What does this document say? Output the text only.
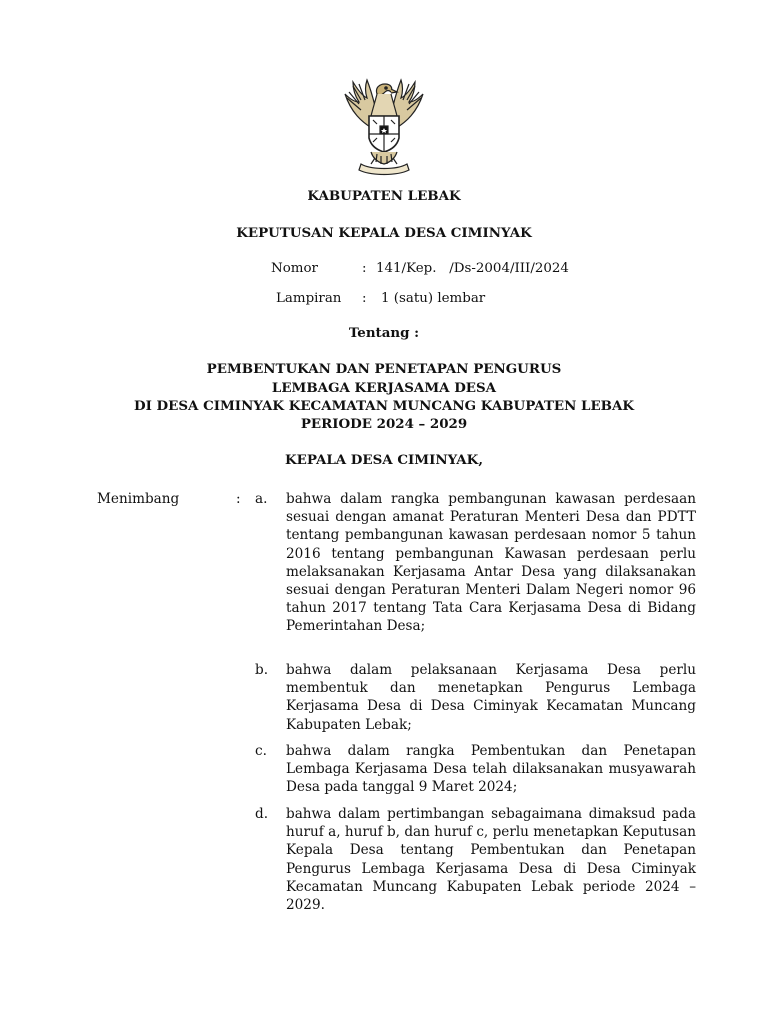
KABUPATEN LEBAK
KEPUTUSAN KEPALA DESA CIMINYAK
Nomor	: 141/Kep.   /Ds-2004/III/2024
Lampiran : 1 (satu) lembar
Tentang :
PEMBENTUKAN DAN PENETAPAN PENGURUS
LEMBAGA KERJASAMA DESA
DI DESA CIMINYAK KECAMATAN MUNCANG KABUPATEN LEBAK
PERIODE 2024 – 2029
KEPALA DESA CIMINYAK,
Menimbang	: a. bahwa dalam rangka pembangunan kawasan perdesaan sesuai dengan amanat Peraturan Menteri Desa dan PDTT tentang pembangunan kawasan perdesaan nomor 5 tahun 2016 tentang pembangunan Kawasan perdesaan perlu melaksanakan Kerjasama Antar Desa yang dilaksanakan sesuai dengan Peraturan Menteri Dalam Negeri nomor 96 tahun 2017 tentang Tata Cara Kerjasama Desa di Bidang Pemerintahan Desa;
b. bahwa dalam pelaksanaan Kerjasama Desa perlu membentuk dan menetapkan Pengurus Lembaga Kerjasama Desa di Desa Ciminyak Kecamatan Muncang Kabupaten Lebak;
c. bahwa dalam rangka Pembentukan dan Penetapan Lembaga Kerjasama Desa telah dilaksanakan musyawarah Desa pada tanggal 9 Maret 2024;
d. bahwa dalam pertimbangan sebagaimana dimaksud pada huruf a, huruf b, dan huruf c, perlu menetapkan Keputusan Kepala Desa tentang Pembentukan dan Penetapan Pengurus Lembaga Kerjasama Desa di Desa Ciminyak Kecamatan Muncang Kabupaten Lebak periode 2024 – 2029.
